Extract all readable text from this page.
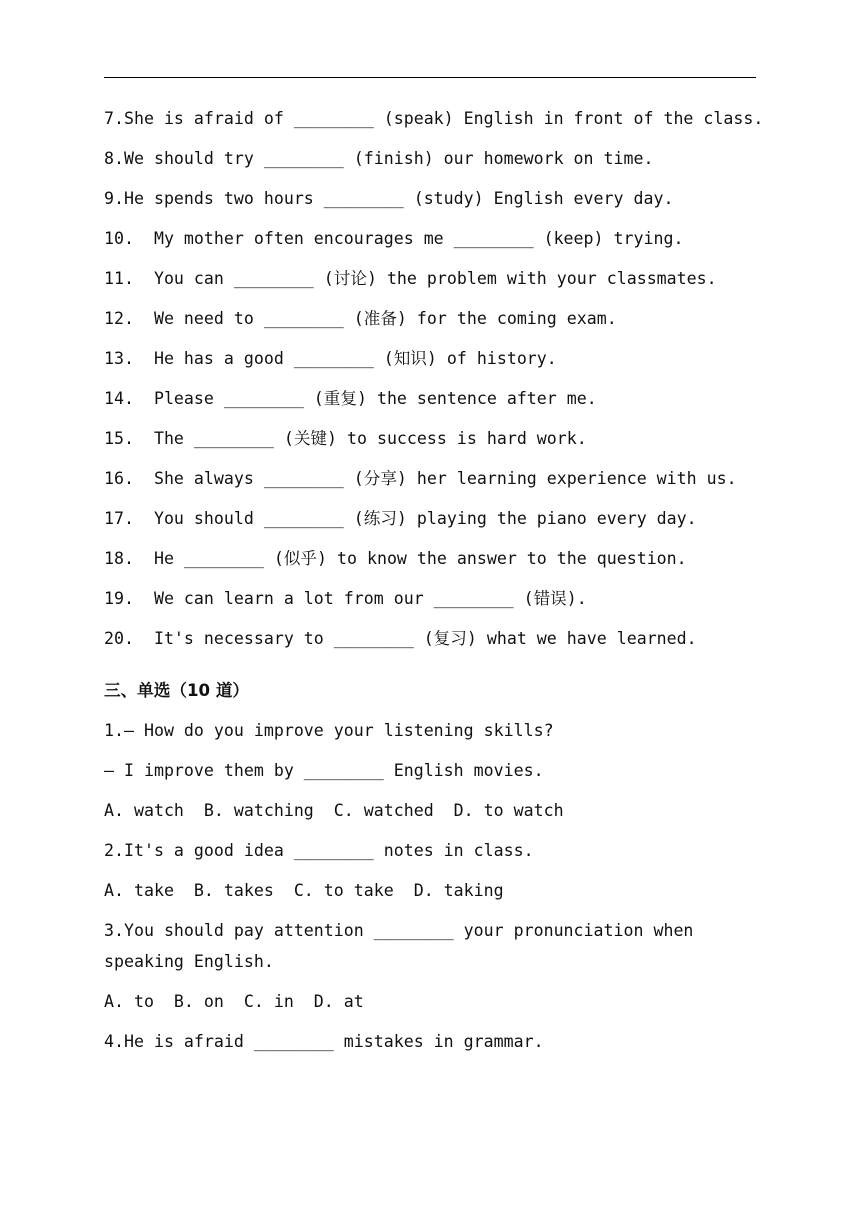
7.She is afraid of ________ (speak) English in front of the class.
8.We should try ________ (finish) our homework on time.
9.He spends two hours ________ (study) English every day.
10.  My mother often encourages me ________ (keep) trying.
11.  You can ________ (讨论) the problem with your classmates.
12.  We need to ________ (准备) for the coming exam.
13.  He has a good ________ (知识) of history.
14.  Please ________ (重复) the sentence after me.
15.  The ________ (关键) to success is hard work.
16.  She always ________ (分享) her learning experience with us.
17.  You should ________ (练习) playing the piano every day.
18.  He ________ (似乎) to know the answer to the question.
19.  We can learn a lot from our ________ (错误).
20.  It's necessary to ________ (复习) what we have learned.
三、单选（10 道）
1.— How do you improve your listening skills?
— I improve them by ________ English movies.
A. watch  B. watching  C. watched  D. to watch
2.It's a good idea ________ notes in class.
A. take  B. takes  C. to take  D. taking
3.You should pay attention ________ your pronunciation when speaking English.
A. to  B. on  C. in  D. at
4.He is afraid ________ mistakes in grammar.
